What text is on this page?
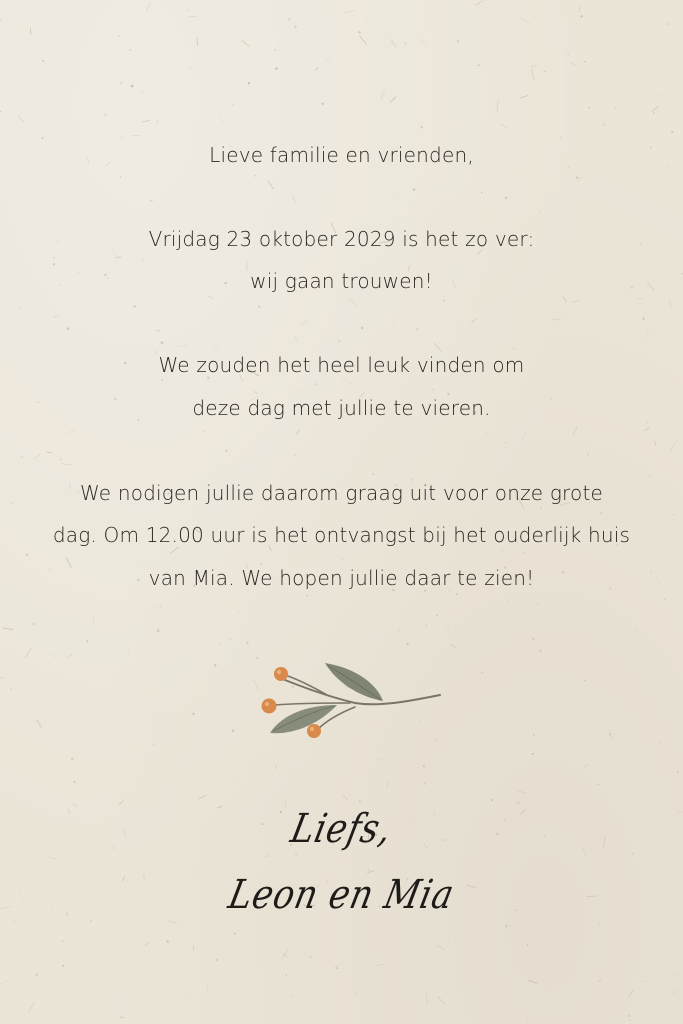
Lieve familie en vrienden,
Vrijdag 23 oktober 2029 is het zo ver:
wij gaan trouwen!
We zouden het heel leuk vinden om
deze dag met jullie te vieren.
We nodigen jullie daarom graag uit voor onze grote
dag. Om 12.00 uur is het ontvangst bij het ouderlijk huis
van Mia. We hopen jullie daar te zien!
Liefs,
Leon en Mia
